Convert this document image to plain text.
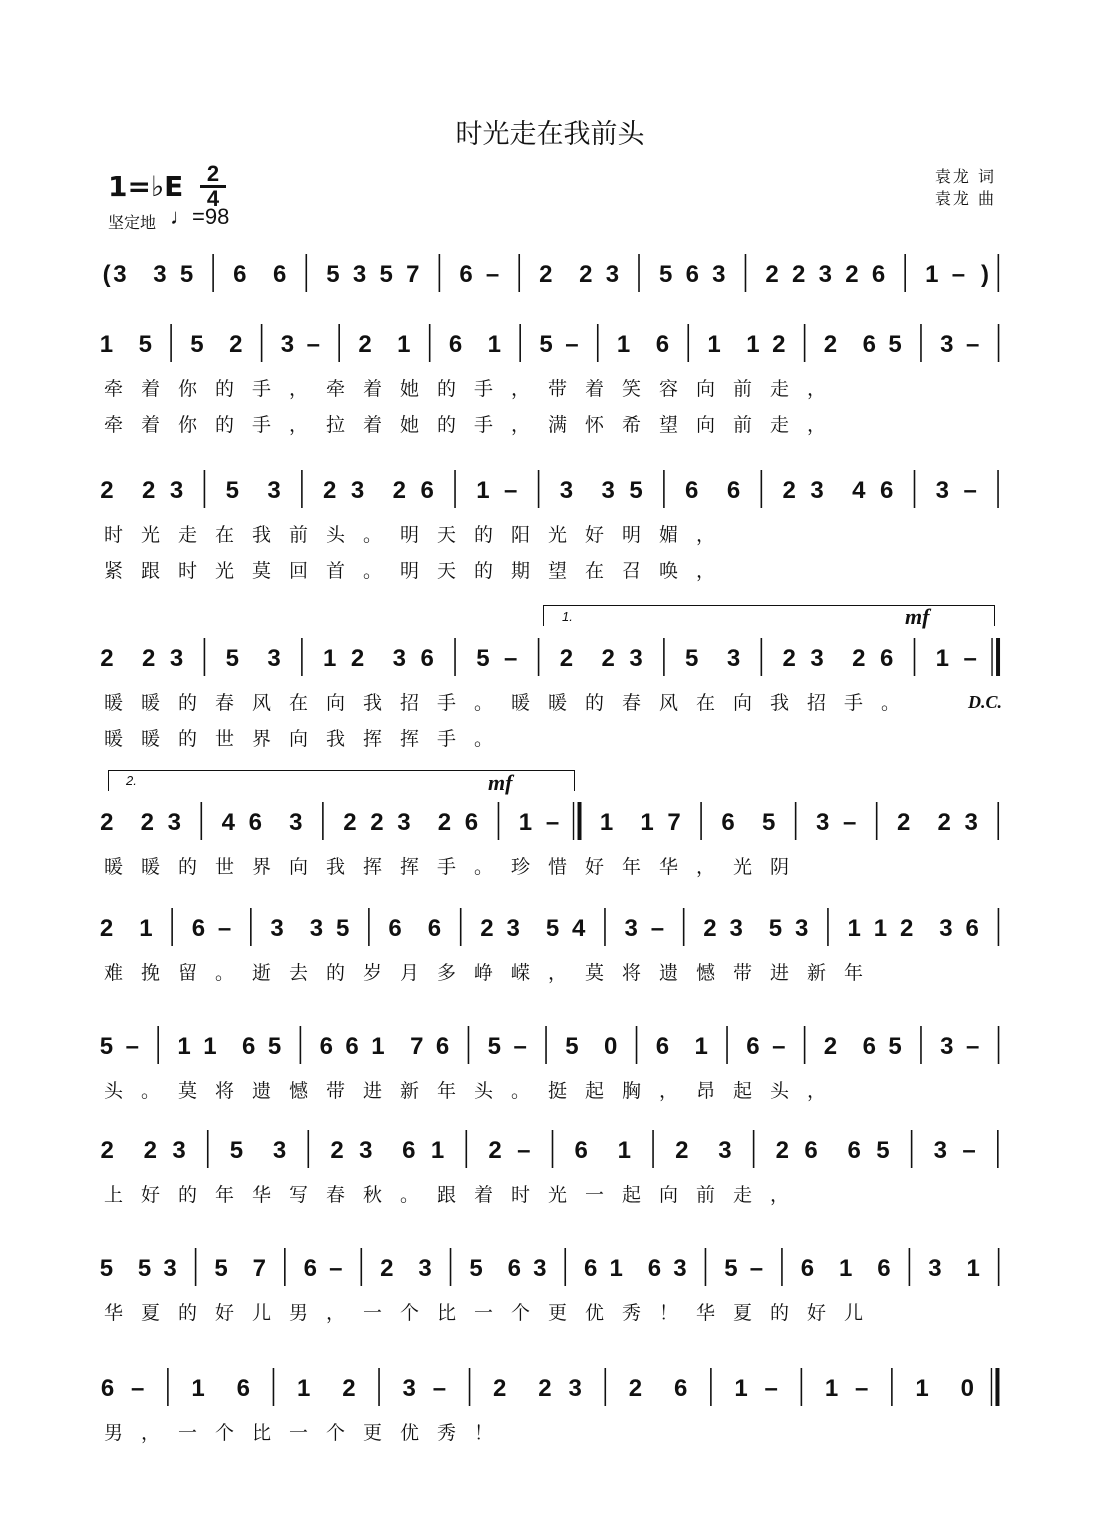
时光走在我前头
1=♭E	2
4
坚定地 ♩=98
袁龙 词
袁龙 曲
mf
D.C.
mf
1.
2.
( 3 3 5 6 6 5 3 5 7 6 – 2 2 3 5 6 3 2 2 3 2 6 1 – )
1 5 5 2 3 – 2 1 6 1 5 – 1 6 1 1 2 2 6 5 3 –
牵着你的手，牵着她的手，带着笑容向前走，
牵着你的手，拉着她的手，满怀希望向前走，
2 2 3 5 3 2 3 2 6 1 – 3 3 5 6 6 2 3 4 6 3 –
时光走在我前头。明天的阳光好明媚，
紧跟时光莫回首。明天的期望在召唤，
2 2 3 5 3 1 2 3 6 5 – 2 2 3 5 3 2 3 2 6 1 –
暖暖的春风在向我招手。暖暖的春风在向我招手。
暖暖的世界向我挥挥手。
2 2 3 4 6 3 2 2 3 2 6 1 – 1 1 7 6 5 3 – 2 2 3
暖暖的世界向我挥挥手。珍惜好年华，光阴
2 1 6 – 3 3 5 6 6 2 3 5 4 3 – 2 3 5 3 1 1 2 3 6
难挽留。逝去的岁月多峥嵘，莫将遗憾带进新年
5 – 1 1 6 5 6 6 1 7 6 5 – 5 0 6 1 6 – 2 6 5 3 –
头。莫将遗憾带进新年头。挺起胸，昂起头，
2 2 3 5 3 2 3 6 1 2 – 6 1 2 3 2 6 6 5 3 –
上好的年华写春秋。跟着时光一起向前走，
5 5 3 5 7 6 – 2 3 5 6 3 6 1 6 3 5 – 6 1 6 3 1
华夏的好儿男，一个比一个更优秀！华夏的好儿
6 – 1 6 1 2 3 – 2 2 3 2 6 1 – 1 – 1 0
男，一个比一个更优秀！
